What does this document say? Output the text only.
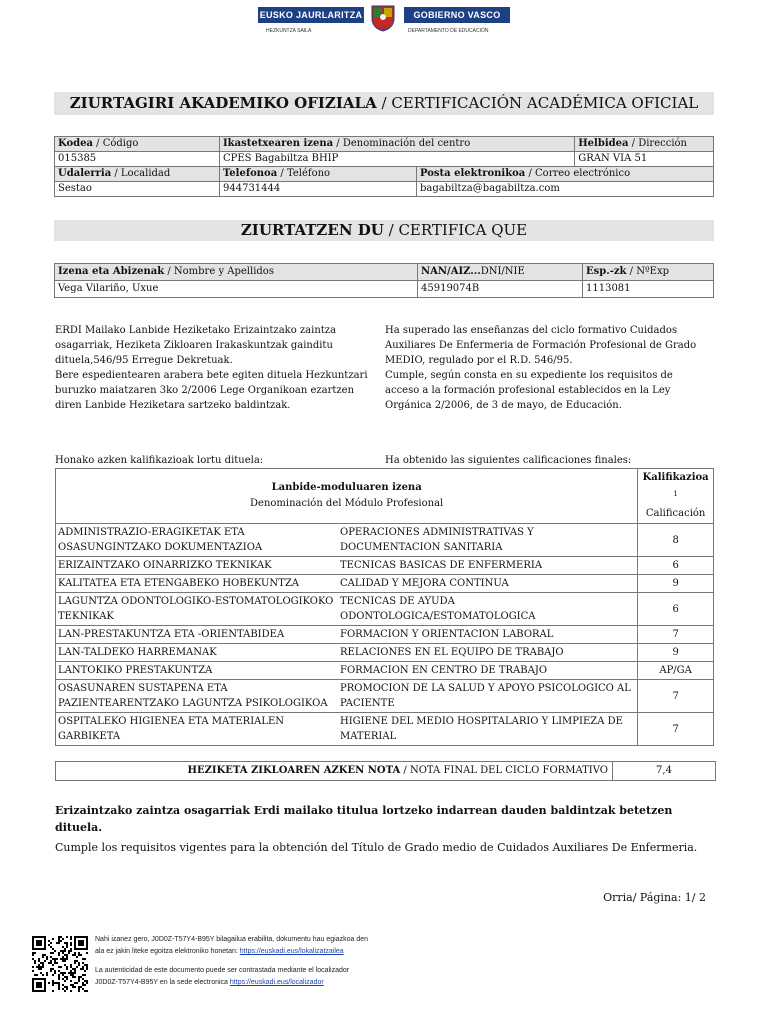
EUSKO JAURLARITZA	GOBIERNO VASCO
HEZKUNTZA SAILA	DEPARTAMENTO DE EDUCACIÓN
ZIURTAGIRI AKADEMIKO OFIZIALA / CERTIFICACIÓN ACADÉMICA OFICIAL
Kodea / Código	Ikastetxearen izena / Denominación del centro		Helbidea / Dirección
015385	CPES Bagabiltza BHIP		GRAN VIA 51
Udalerria / Localidad	Telefonoa / Teléfono	Posta elektronikoa / Correo electrónico	
Sestao	944731444	bagabiltza@bagabiltza.com	
ZIURTATZEN DU / CERTIFICA QUE
Izena eta Abizenak / Nombre y Apellidos	NAN/AIZ...DNI/NIE	Esp.-zk / NºExp
Vega Vilariño, Uxue	45919074B	1113081
ERDI Mailako Lanbide Heziketako Erizaintzako zaintza osagarriak, Heziketa Zikloaren Irakaskuntzak gainditu dituela,546/95 Erregue Dekretuak.
Bere espedientearen arabera bete egiten dituela Hezkuntzari buruzko maiatzaren 3ko 2/2006 Lege Organikoan ezartzen diren Lanbide Heziketara sartzeko baldintzak.
Ha superado las enseñanzas del ciclo formativo Cuidados Auxiliares De Enfermeria de Formación Profesional de Grado MEDIO, regulado por el R.D. 546/95.
Cumple, según consta en su expediente los requisitos de acceso a la formación profesional establecidos en la Ley Orgánica 2/2006, de 3 de mayo, de Educación.
Honako azken kalifikazioak lortu dituela:	Ha obtenido las siguientes calificaciones finales:
Lanbide-moduluaren izena
Denominación del Módulo Profesional		Kalifikazioa $^1$
Calificación
ADMINISTRAZIO-ERAGIKETAK ETA OSASUNGINTZAKO DOKUMENTAZIOA	OPERACIONES ADMINISTRATIVAS Y DOCUMENTACION SANITARIA	8
ERIZAINTZAKO OINARRIZKO TEKNIKAK	TECNICAS BASICAS DE ENFERMERIA	6
KALITATEA ETA ETENGABEKO HOBEKUNTZA	CALIDAD Y MEJORA CONTINUA	9
LAGUNTZA ODONTOLOGIKO-ESTOMATOLOGIKOKO TEKNIKAK	TECNICAS DE AYUDA ODONTOLOGICA/ESTOMATOLOGICA	6
LAN-PRESTAKUNTZA ETA -ORIENTABIDEA	FORMACION Y ORIENTACION LABORAL	7
LAN-TALDEKO HARREMANAK	RELACIONES EN EL EQUIPO DE TRABAJO	9
LANTOKIKO PRESTAKUNTZA	FORMACION EN CENTRO DE TRABAJO	AP/GA
OSASUNAREN SUSTAPENA ETA PAZIENTEARENTZAKO LAGUNTZA PSIKOLOGIKOA	PROMOCION DE LA SALUD Y APOYO PSICOLOGICO AL PACIENTE	7
OSPITALEKO HIGIENEA ETA MATERIALEN GARBIKETA	HIGIENE DEL MEDIO HOSPITALARIO Y LIMPIEZA DE MATERIAL	7
HEZIKETA ZIKLOAREN AZKEN NOTA / NOTA FINAL DEL CICLO FORMATIVO	7,4
Erizaintzako zaintza osagarriak Erdi mailako titulua lortzeko indarrean dauden baldintzak betetzen dituela.
Cumple los requisitos vigentes para la obtención del Título de Grado medio de Cuidados Auxiliares De Enfermeria.
Orria/ Página: 1/ 2
Nahi izanez gero, J0D0Z-T57Y4-B95Y bilagailua erabilita, dokumentu hau egiazkoa den
ala ez jakin liteke egoitza elektroniko honetan: https://euskadi.eus/lokalizatzailea
La autenticidad de este documento puede ser contrastada mediante el localizador
J0D0Z-T57Y4-B95Y en la sede electronica https://euskadi.eus/localizador
